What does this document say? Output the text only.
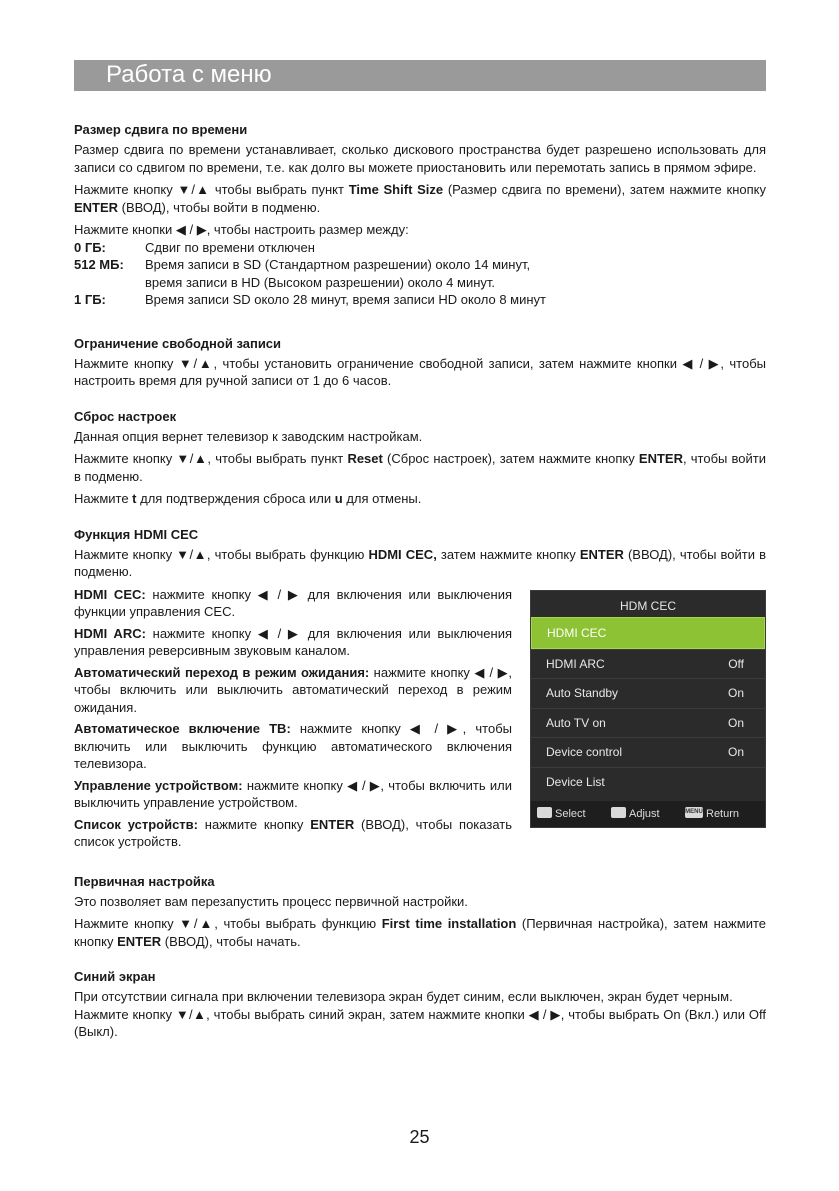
Работа с меню
Размер сдвига по времени
Размер сдвига по времени устанавливает, сколько дискового пространства будет разрешено использовать для записи со сдвигом по времени, т.е. как долго вы можете приостановить или перемотать запись в прямом эфире.
Нажмите кнопку ▼/▲ чтобы выбрать пункт Time Shift Size (Размер сдвига по времени), затем нажмите кнопку ENTER (ВВОД), чтобы войти в подменю.
Нажмите кнопки ◀ / ▶, чтобы настроить размер между:
0 ГБ:	Сдвиг по времени отключен
512 МБ:	Время записи в SD (Стандартном разрешении) около 14 минут,
время записи в HD (Высоком разрешении) около 4 минут.
1 ГБ:	Время записи SD около 28 минут, время записи HD около 8 минут
Ограничение свободной записи
Нажмите кнопку ▼/▲, чтобы установить ограничение свободной записи, затем нажмите кнопки ◀ / ▶, чтобы настроить время для ручной записи от 1 до 6 часов.
Сброс настроек
Данная опция вернет телевизор к заводским настройкам.
Нажмите кнопку ▼/▲, чтобы выбрать пункт Reset (Сброс настроек), затем нажмите кнопку ENTER, чтобы войти в подменю.
Нажмите t для подтверждения сброса или u для отмены.
Функция HDMI CEC
Нажмите кнопку ▼/▲, чтобы выбрать функцию HDMI CEC, затем нажмите кнопку ENTER (ВВОД), чтобы войти в подменю.
HDMI CEC: нажмите кнопку ◀ / ▶ для включения или выключения функции управления CEC.
HDMI ARC: нажмите кнопку ◀ / ▶ для включения или выключения управления реверсивным звуковым каналом.
Автоматический переход в режим ожидания: нажмите кнопку ◀ / ▶, чтобы включить или выключить автоматический переход в режим ожидания.
Автоматическое включение ТВ: нажмите кнопку ◀ / ▶, чтобы включить или выключить функцию автоматического включения телевизора.
Управление устройством: нажмите кнопку ◀ / ▶, чтобы включить или выключить управление устройством.
Список устройств: нажмите кнопку ENTER (ВВОД), чтобы показать список устройств.
HDM CEC
HDMI CEC
HDMI ARC	Off
Auto Standby	On
Auto TV on	On
Device control	On
Device List
Select	Adjust	MENU Return
Первичная настройка
Это позволяет вам перезапустить процесс первичной настройки.
Нажмите кнопку ▼/▲, чтобы выбрать функцию First time installation (Первичная настройка), затем нажмите кнопку ENTER (ВВОД), чтобы начать.
Синий экран
При отсутствии сигнала при включении телевизора экран будет синим, если выключен, экран будет черным.
Нажмите кнопку ▼/▲, чтобы выбрать синий экран, затем нажмите кнопки ◀ / ▶, чтобы выбрать On (Вкл.) или Off (Выкл).
25
